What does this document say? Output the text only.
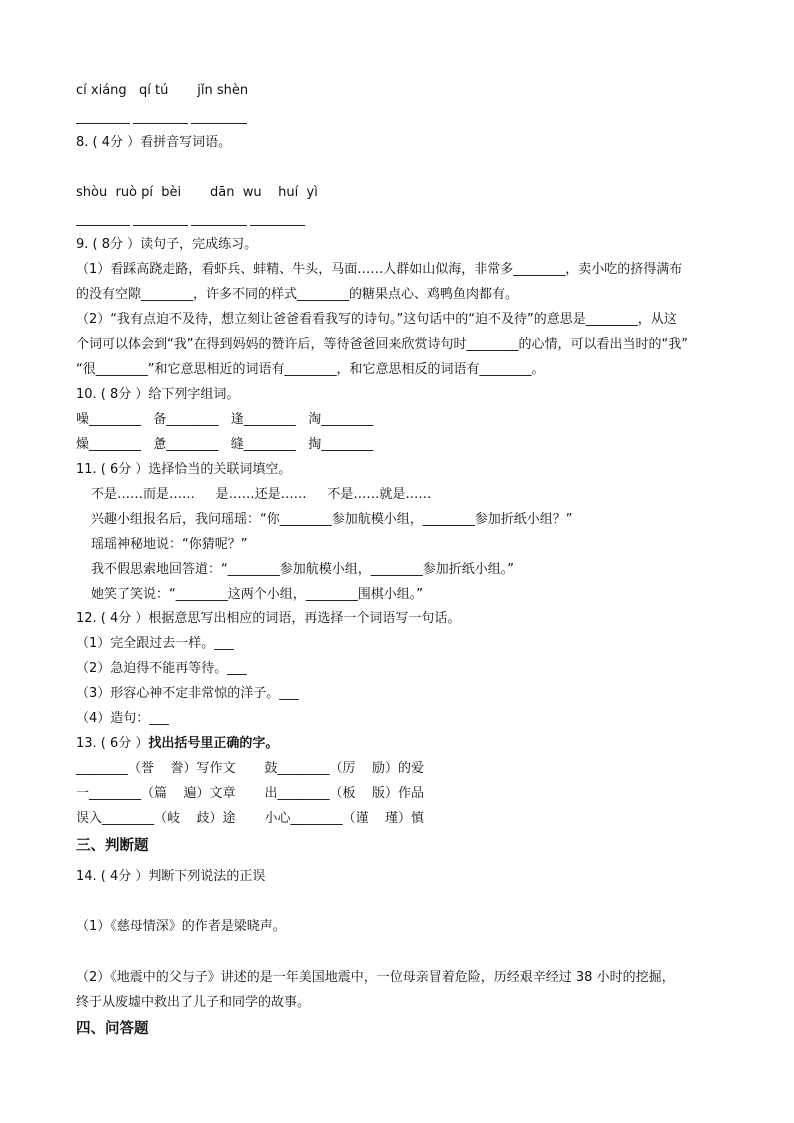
cí xiáng   qí tú       jǐn shèn
8. ( 4分 ）看拼音写词语。
shòu  ruò pí  bèi       dān  wu    huí  yì
9. ( 8分 ）读句子，完成练习。
（1）看踩高跷走路，看虾兵、蚌精、牛头，马面……人群如山似海，非常多________，卖小吃的挤得满布
的没有空隙________，许多不同的样式________的糖果点心、鸡鸭鱼肉都有。
（2）“我有点迫不及待，想立刻让爸爸看看我写的诗句。”这句话中的“迫不及待”的意思是________，从这
个词可以体会到“我”在得到妈妈的赞许后，等待爸爸回来欣赏诗句时________的心情，可以看出当时的“我”
“很________”和它意思相近的词语有________，和它意思相反的词语有________。
10. ( 8分 ）给下列字组词。
噪________   备________   逢________   淘________
燥________   惫________   缝________   掏________
11. ( 6分 ）选择恰当的关联词填空。
不是……而是……     是……还是……     不是……就是……
兴趣小组报名后，我问瑶瑶：“你________参加航模小组，________参加折纸小组？”
瑶瑶神秘地说：“你猜呢？”
我不假思索地回答道：“________参加航模小组，________参加折纸小组。”
她笑了笑说：“________这两个小组，________围棋小组。”
12. ( 4分 ）根据意思写出相应的词语，再选择一个词语写一句话。
（1）完全跟过去一样。___
（2）急迫得不能再等待。___
（3）形容心神不定非常惊的洋子。___
（4）造句：___
13. ( 6分 ）找出括号里正确的字。
________（誉    誊）写作文       鼓________（厉    励）的爱
一________（篇    遍）文章       出________（板    版）作品
误入________（岐    歧）途       小心________（谨    瑾）慎
三、判断题
14. ( 4分 ）判断下列说法的正误
（1）《慈母情深》的作者是梁晓声。
（2）《地震中的父与子》讲述的是一年美国地震中，一位母亲冒着危险，历经艰辛经过 38 小时的挖掘，
终于从废墟中救出了儿子和同学的故事。
四、问答题
